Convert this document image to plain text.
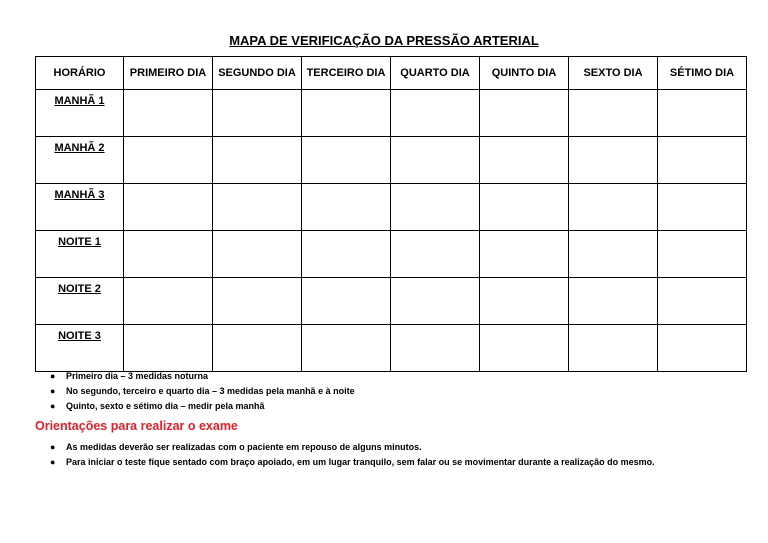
MAPA DE VERIFICAÇÃO DA PRESSÃO ARTERIAL
HORÁRIO	PRIMEIRO DIA	SEGUNDO DIA	TERCEIRO DIA	QUARTO DIA	QUINTO DIA	SEXTO DIA	SÉTIMO DIA
MANHÃ 1							
MANHÃ 2							
MANHÃ 3							
NOITE 1							
NOITE 2							
NOITE 3							
● Primeiro dia – 3 medidas noturna
● No segundo, terceiro e quarto dia – 3 medidas pela manhã e à noite
● Quinto, sexto e sétimo dia – medir pela manhã
Orientações para realizar o exame
● As medidas deverão ser realizadas com o paciente em repouso de alguns minutos.
● Para iniciar o teste fique sentado com braço apoiado, em um lugar tranquilo, sem falar ou se movimentar durante a realização do mesmo.
